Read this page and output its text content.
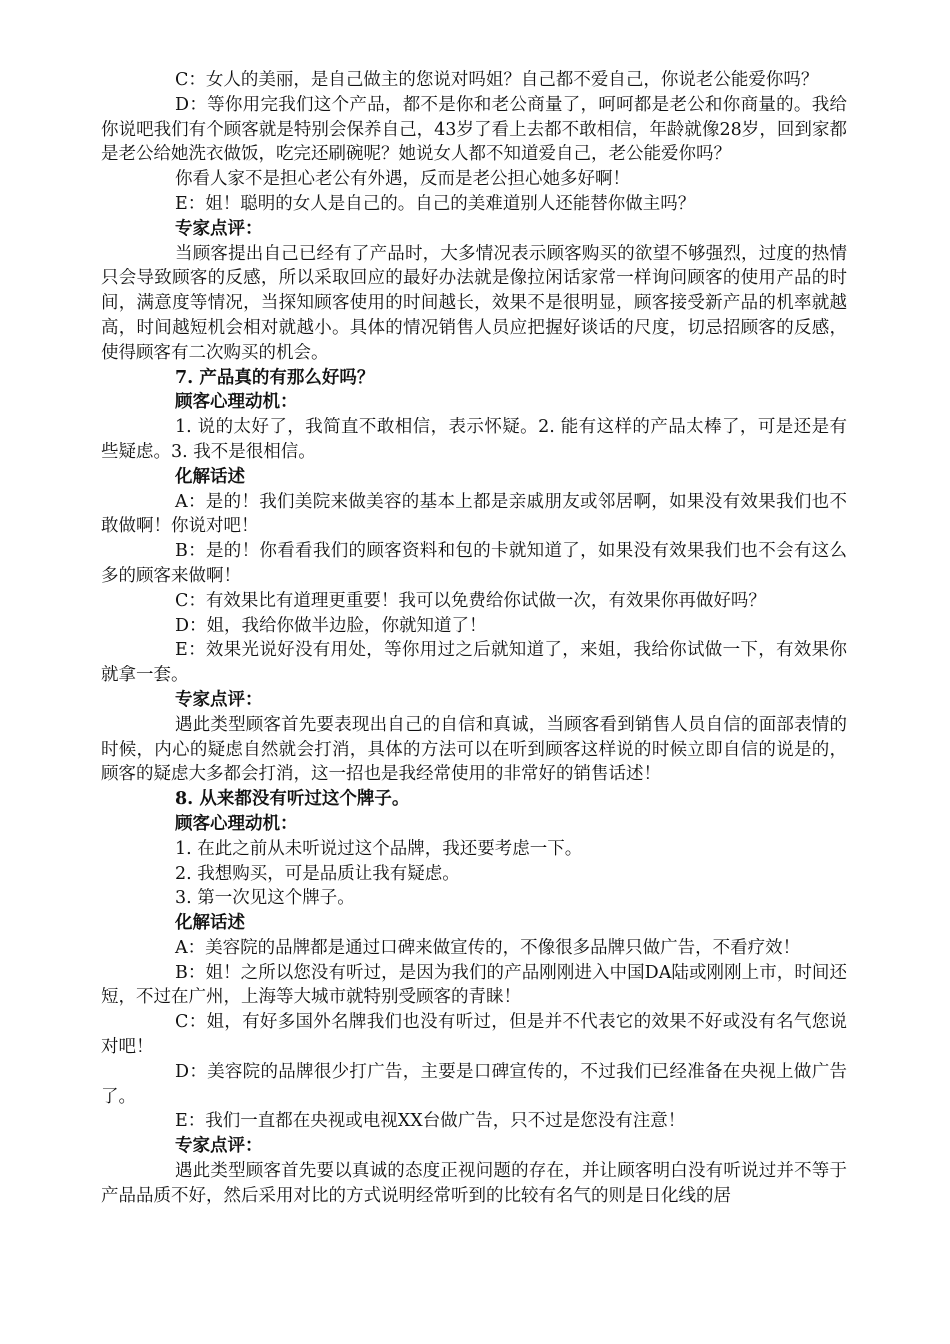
C：女人的美丽，是自己做主的您说对吗姐？自己都不爱自己，你说老公能爱你吗？

D：等你用完我们这个产品，都不是你和老公商量了，呵呵都是老公和你商量的。我给你说吧我们有个顾客就是特别会保养自己，43岁了看上去都不敢相信，年龄就像28岁，回到家都是老公给她洗衣做饭，吃完还刷碗呢？她说女人都不知道爱自己，老公能爱你吗？

你看人家不是担心老公有外遇，反而是老公担心她多好啊！

E：姐！聪明的女人是自己的。自己的美难道别人还能替你做主吗？

专家点评：

当顾客提出自己已经有了产品时，大多情况表示顾客购买的欲望不够强烈，过度的热情只会导致顾客的反感，所以采取回应的最好办法就是像拉闲话家常一样询问顾客的使用产品的时间，满意度等情况，当探知顾客使用的时间越长，效果不是很明显，顾客接受新产品的机率就越高，时间越短机会相对就越小。具体的情况销售人员应把握好谈话的尺度，切忌招顾客的反感，使得顾客有二次购买的机会。

7. 产品真的有那么好吗？

顾客心理动机：

1. 说的太好了，我简直不敢相信，表示怀疑。2. 能有这样的产品太棒了，可是还是有些疑虑。3. 我不是很相信。

化解话述

A：是的！我们美院来做美容的基本上都是亲戚朋友或邻居啊，如果没有效果我们也不敢做啊！你说对吧！

B：是的！你看看我们的顾客资料和包的卡就知道了，如果没有效果我们也不会有这么多的顾客来做啊！

C：有效果比有道理更重要！我可以免费给你试做一次，有效果你再做好吗？

D：姐，我给你做半边脸，你就知道了！

E：效果光说好没有用处，等你用过之后就知道了，来姐，我给你试做一下，有效果你就拿一套。

专家点评：

遇此类型顾客首先要表现出自己的自信和真诚，当顾客看到销售人员自信的面部表情的时候，内心的疑虑自然就会打消，具体的方法可以在听到顾客这样说的时候立即自信的说是的，顾客的疑虑大多都会打消，这一招也是我经常使用的非常好的销售话述！

8. 从来都没有听过这个牌子。

顾客心理动机：

1. 在此之前从未听说过这个品牌，我还要考虑一下。

2. 我想购买，可是品质让我有疑虑。

3. 第一次见这个牌子。

化解话述

A：美容院的品牌都是通过口碑来做宣传的，不像很多品牌只做广告，不看疗效！

B：姐！之所以您没有听过，是因为我们的产品刚刚进入中国DA陆或刚刚上市，时间还短，不过在广州，上海等大城市就特别受顾客的青睐！

C：姐，有好多国外名牌我们也没有听过，但是并不代表它的效果不好或没有名气您说对吧！

D：美容院的品牌很少打广告，主要是口碑宣传的，不过我们已经准备在央视上做广告了。

E：我们一直都在央视或电视XX台做广告，只不过是您没有注意！

专家点评：

遇此类型顾客首先要以真诚的态度正视问题的存在，并让顾客明白没有听说过并不等于产品品质不好，然后采用对比的方式说明经常听到的比较有名气的则是日化线的居
